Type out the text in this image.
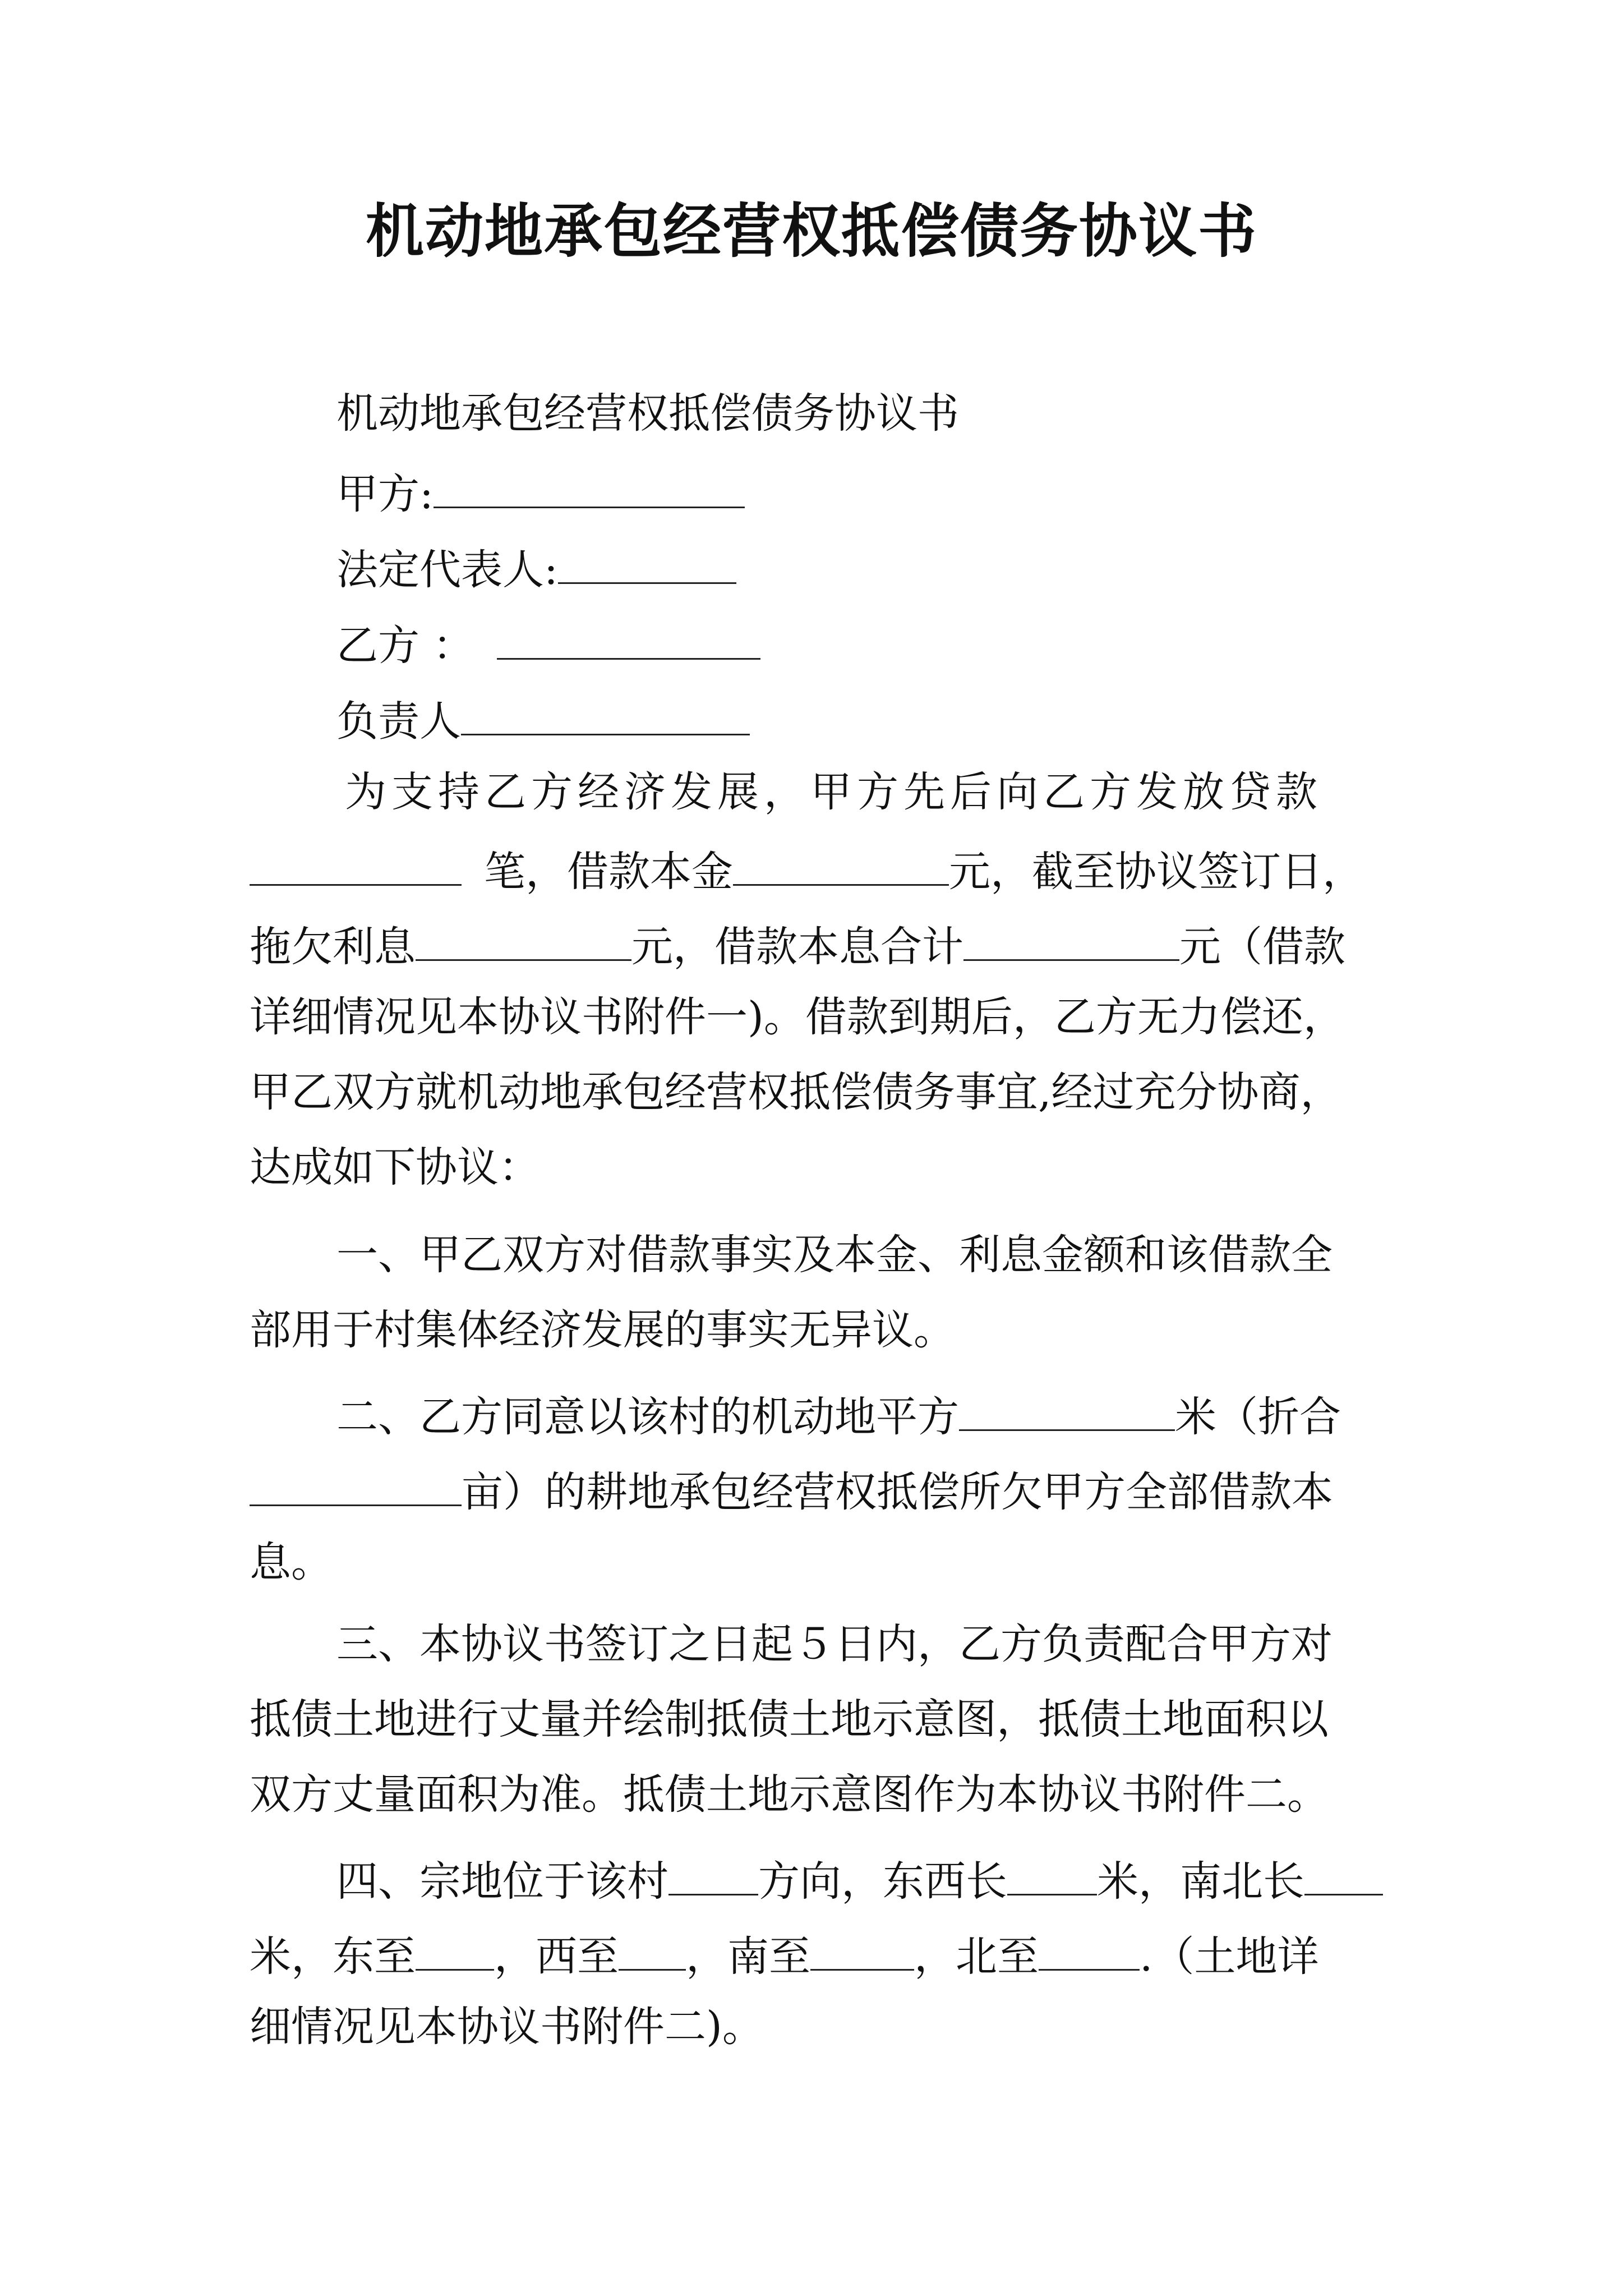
机动地承包经营权抵偿债务协议书
机动地承包经营权抵偿债务协议书
甲方:
法定代表人:
乙方 ：
负责人
为支持乙方经济发展，甲方先后向乙方发放贷款
笔，借款本金	元，截至协议签订日，
拖欠利息	元，借款本息合计	元（借款
详细情况见本协议书附件一)。借款到期后，乙方无力偿还，
甲乙双方就机动地承包经营权抵偿债务事宜,经过充分协商，
达成如下协议：
一、甲乙双方对借款事实及本金、利息金额和该借款全
部用于村集体经济发展的事实无异议。
二、乙方同意以该村的机动地平方	米（折合
亩）的耕地承包经营权抵偿所欠甲方全部借款本
息。
三、本协议书签订之日起５日内，乙方负责配合甲方对
抵债土地进行丈量并绘制抵债土地示意图，抵债土地面积以
双方丈量面积为准。抵债土地示意图作为本协议书附件二。
四、宗地位于该村 方向，东西长 米，南北长
米，东至 ，西至 ，南至	，北至 .（土地详
细情况见本协议书附件二)。
